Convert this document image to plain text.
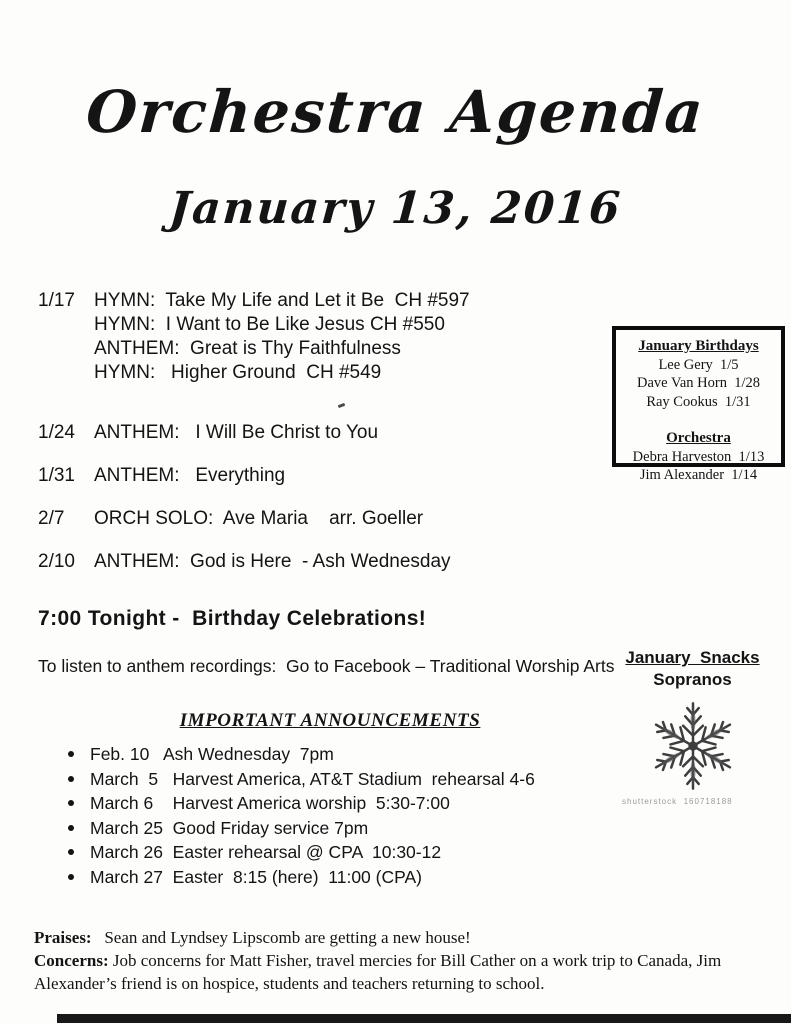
Orchestra Agenda
January 13, 2016
1/17	HYMN:  Take My Life and Let it Be  CH #597
HYMN:  I Want to Be Like Jesus CH #550
ANTHEM:  Great is Thy Faithfulness
HYMN:   Higher Ground  CH #549
1/24	ANTHEM:   I Will Be Christ to You
1/31	ANTHEM:   Everything
2/7	ORCH SOLO:  Ave Maria    arr. Goeller
2/10	ANTHEM:  God is Here  - Ash Wednesday
January Birthdays
Lee Gery  1/5
Dave Van Horn  1/28
Ray Cookus  1/31
Orchestra
Debra Harveston  1/13
Jim Alexander  1/14
7:00 Tonight -  Birthday Celebrations!
To listen to anthem recordings:  Go to Facebook – Traditional Worship Arts January  Snacks
Sopranos
shutterstock  160718188
IMPORTANT ANNOUNCEMENTS
Feb. 10   Ash Wednesday  7pm
March  5   Harvest America, AT&T Stadium  rehearsal 4-6
March 6    Harvest America worship  5:30-7:00
March 25  Good Friday service 7pm
March 26  Easter rehearsal @ CPA  10:30-12
March 27  Easter  8:15 (here)  11:00 (CPA)
Praises:

Sean and Lyndsey Lipscomb are getting a new house!

Concerns:

Job concerns for Matt Fisher, travel mercies for Bill Cather on a work trip to Canada, Jim Alexander’s friend is on hospice, students and teachers returning to school.
